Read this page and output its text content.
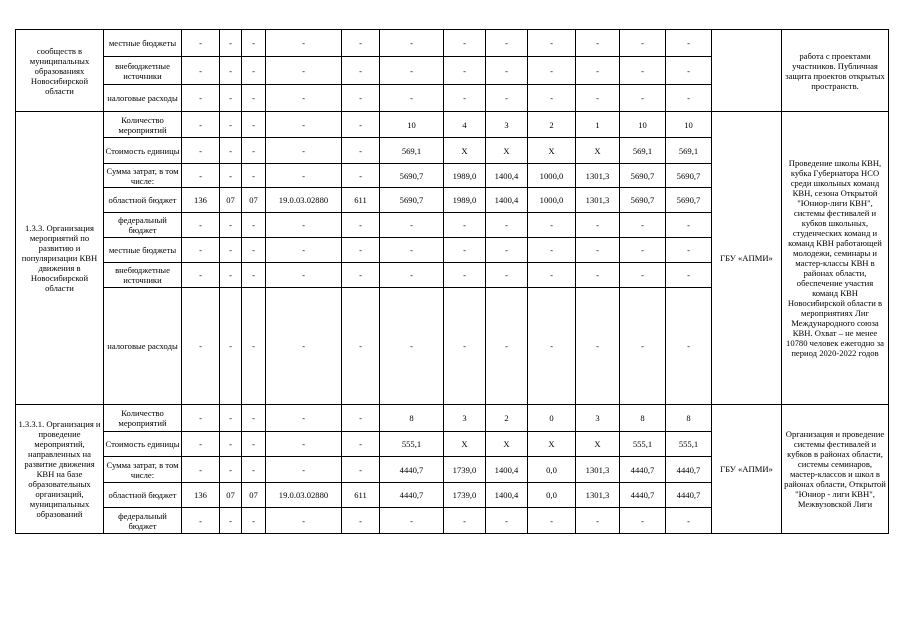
сообществ в муниципальных образованиях Новосибирской области	местные бюджеты	-	-	-	-	-	-	-	-	-	-	-	-		работа с проектами участников. Публичная защита проектов открытых пространств.
	внебюджетные источники	-	-	-	-	-	-	-	-	-	-	-	-		
	налоговые расходы	-	-	-	-	-	-	-	-	-	-	-	-		
1.3.3. Организация мероприятий по развитию и популяризации КВН движения в Новосибирской области	Количество мероприятий	-	-	-	-	-	10	4	3	2	1	10	10	ГБУ «АПМИ»	Проведение школы КВН, кубка Губернатора НСО среди школьных команд КВН, сезона Открытой "Юниор-лиги КВН", системы фестивалей и кубков школьных, студенческих команд и команд КВН работающей молодежи, семинары и мастер-классы КВН в районах области, обеспечение участия команд КВН Новосибирской области в мероприятиях Лиг Международного союза КВН. Охват – не менее 10780 человек ежегодно за период 2020-2022 годов
	Стоимость единицы	-	-	-	-	-	569,1	Х	Х	Х	Х	569,1	569,1		
	Сумма затрат, в том числе:	-	-	-	-	-	5690,7	1989,0	1400,4	1000,0	1301,3	5690,7	5690,7		
	областной бюджет	136	07	07	19.0.03.02880	611	5690,7	1989,0	1400,4	1000,0	1301,3	5690,7	5690,7		
	федеральный бюджет	-	-	-	-	-	-	-	-	-	-	-	-		
	местные бюджеты	-	-	-	-	-	-	-	-	-	-	-	-		
	внебюджетные источники	-	-	-	-	-	-	-	-	-	-	-	-		
	налоговые расходы	-	-	-	-	-	-	-	-	-	-	-	-		
1.3.3.1. Организация и проведение мероприятий, направленных на развитие движения КВН на базе образовательных организаций, муниципальных образований	Количество мероприятий	-	-	-	-	-	8	3	2	0	3	8	8	ГБУ «АПМИ»	Организация и проведение системы фестивалей и кубков в районах области, системы семинаров, мастер-классов и школ в районах области, Открытой "Юниор - лиги КВН", Межвузовской Лиги
	Стоимость единицы	-	-	-	-	-	555,1	Х	Х	Х	Х	555,1	555,1		
	Сумма затрат, в том числе:	-	-	-	-	-	4440,7	1739,0	1400,4	0,0	1301,3	4440,7	4440,7		
	областной бюджет	136	07	07	19.0.03.02880	611	4440,7	1739,0	1400,4	0,0	1301,3	4440,7	4440,7		
	федеральный бюджет	-	-	-	-	-	-	-	-	-	-	-	-		
